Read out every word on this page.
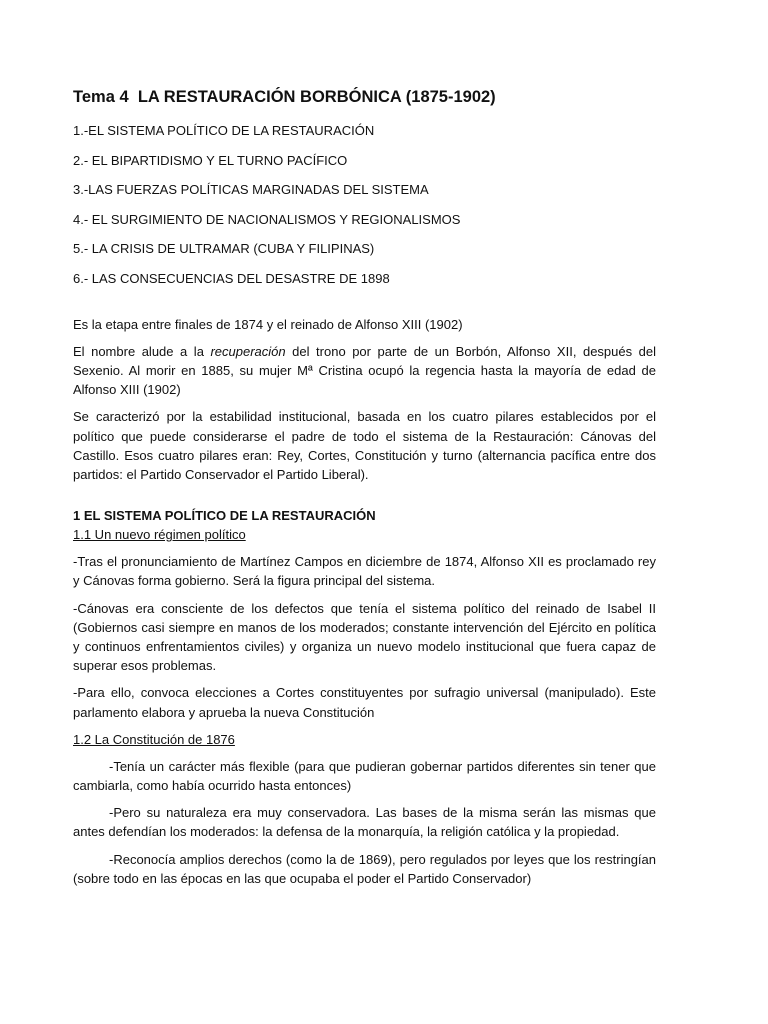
Tema 4 LA RESTAURACIÓN BORBÓNICA (1875-1902)
1.-EL SISTEMA POLÍTICO DE LA RESTAURACIÓN
2.- EL BIPARTIDISMO Y EL TURNO PACÍFICO
3.-LAS FUERZAS POLÍTICAS MARGINADAS DEL SISTEMA
4.- EL SURGIMIENTO DE NACIONALISMOS Y REGIONALISMOS
5.- LA CRISIS DE ULTRAMAR (CUBA Y FILIPINAS)
6.- LAS CONSECUENCIAS DEL DESASTRE DE 1898

Es la etapa entre finales de 1874 y el reinado de Alfonso XIII (1902)

El nombre alude a la recuperación del trono por parte de un Borbón, Alfonso XII, después del Sexenio. Al morir en 1885, su mujer Mª Cristina ocupó la regencia hasta la mayoría de edad de Alfonso XIII (1902)

Se caracterizó por la estabilidad institucional, basada en los cuatro pilares establecidos por el político que puede considerarse el padre de todo el sistema de la Restauración: Cánovas del Castillo. Esos cuatro pilares eran: Rey, Cortes, Constitución y turno (alternancia pacífica entre dos partidos: el Partido Conservador el Partido Liberal).

1 EL SISTEMA POLÍTICO DE LA RESTAURACIÓN
1.1 Un nuevo régimen político

-Tras el pronunciamiento de Martínez Campos en diciembre de 1874, Alfonso XII es proclamado rey y Cánovas forma gobierno. Será la figura principal del sistema.

-Cánovas era consciente de los defectos que tenía el sistema político del reinado de Isabel II (Gobiernos casi siempre en manos de los moderados; constante intervención del Ejército en política y continuos enfrentamientos civiles) y organiza un nuevo modelo institucional que fuera capaz de superar esos problemas.

-Para ello, convoca elecciones a Cortes constituyentes por sufragio universal (manipulado). Este parlamento elabora y aprueba la nueva Constitución

1.2 La Constitución de 1876

-Tenía un carácter más flexible (para que pudieran gobernar partidos diferentes sin tener que cambiarla, como había ocurrido hasta entonces)

-Pero su naturaleza era muy conservadora. Las bases de la misma serán las mismas que antes defendían los moderados: la defensa de la monarquía, la religión católica y la propiedad.

-Reconocía amplios derechos (como la de 1869), pero regulados por leyes que los restringían (sobre todo en las épocas en las que ocupaba el poder el Partido Conservador)
